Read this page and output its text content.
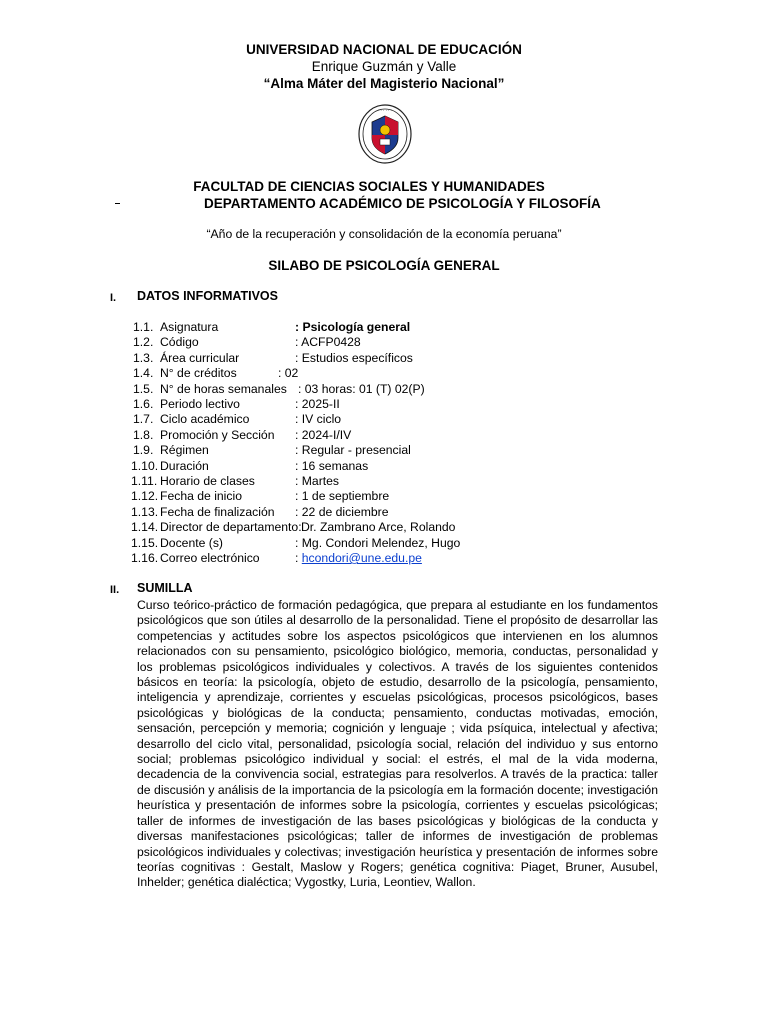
UNIVERSIDAD NACIONAL DE EDUCACIÓN
Enrique Guzmán y Valle
“Alma Máter del Magisterio Nacional”
· · · · · ·
FACULTAD DE CIENCIAS SOCIALES Y HUMANIDADES
DEPARTAMENTO ACADÉMICO DE PSICOLOGÍA Y FILOSOFÍA
“Año de la recuperación y consolidación de la economía peruana”
SILABO DE PSICOLOGÍA GENERAL
I. DATOS INFORMATIVOS
1.1. Asignatura	: Psicología general
1.2. Código	: ACFP0428
1.3. Área curricular	: Estudios específicos
1.4. N° de créditos	: 02
1.5. N° de horas semanales : 03 horas: 01 (T) 02(P)
1.6. Periodo lectivo	: 2025-II
1.7. Ciclo académico	: IV ciclo
1.8. Promoción y Sección : 2024-I/IV
1.9. Régimen	: Regular - presencial
1.10. Duración	: 16 semanas
1.11. Horario de clases	: Martes
1.12. Fecha de inicio	: 1 de septiembre
1.13. Fecha de finalización : 22 de diciembre
1.14. Director de departamento: Dr. Zambrano Arce, Rolando
1.15. Docente (s)	: Mg. Condori Melendez, Hugo
1.16. Correo electrónico	: hcondori@une.edu.pe
II. SUMILLA
Curso teórico-práctico de formación pedagógica, que prepara al estudiante en los fundamentos psicológicos que son útiles al desarrollo de la personalidad. Tiene el propósito de desarrollar las competencias y actitudes sobre los aspectos psicológicos que intervienen en los alumnos relacionados con su pensamiento, psicológico biológico, memoria, conductas, personalidad y los problemas psicológicos individuales y colectivos. A través de los siguientes contenidos básicos en teoría: la psicología, objeto de estudio, desarrollo de la psicología, pensamiento, inteligencia y aprendizaje, corrientes y escuelas psicológicas, procesos psicológicos, bases psicológicas y biológicas de la conducta; pensamiento, conductas motivadas, emoción, sensación, percepción y memoria; cognición y lenguaje ; vida psíquica, intelectual y afectiva; desarrollo del ciclo vital, personalidad, psicología social, relación del individuo y sus entorno social; problemas psicológico individual y social: el estrés, el mal de la vida moderna, decadencia de la convivencia social, estrategias para resolverlos. A través de la practica: taller de discusión y análisis de la importancia de la psicología em la formación docente; investigación heurística y presentación de informes sobre la psicología, corrientes y escuelas psicológicas; taller de informes de investigación de las bases psicológicas y biológicas de la conducta y diversas manifestaciones psicológicas; taller de informes de investigación de problemas psicológicos individuales y colectivas; investigación heurística y presentación de informes sobre teorías cognitivas : Gestalt, Maslow y Rogers; genética cognitiva: Piaget, Bruner, Ausubel, Inhelder; genética dialéctica; Vygostky, Luria, Leontiev, Wallon.
